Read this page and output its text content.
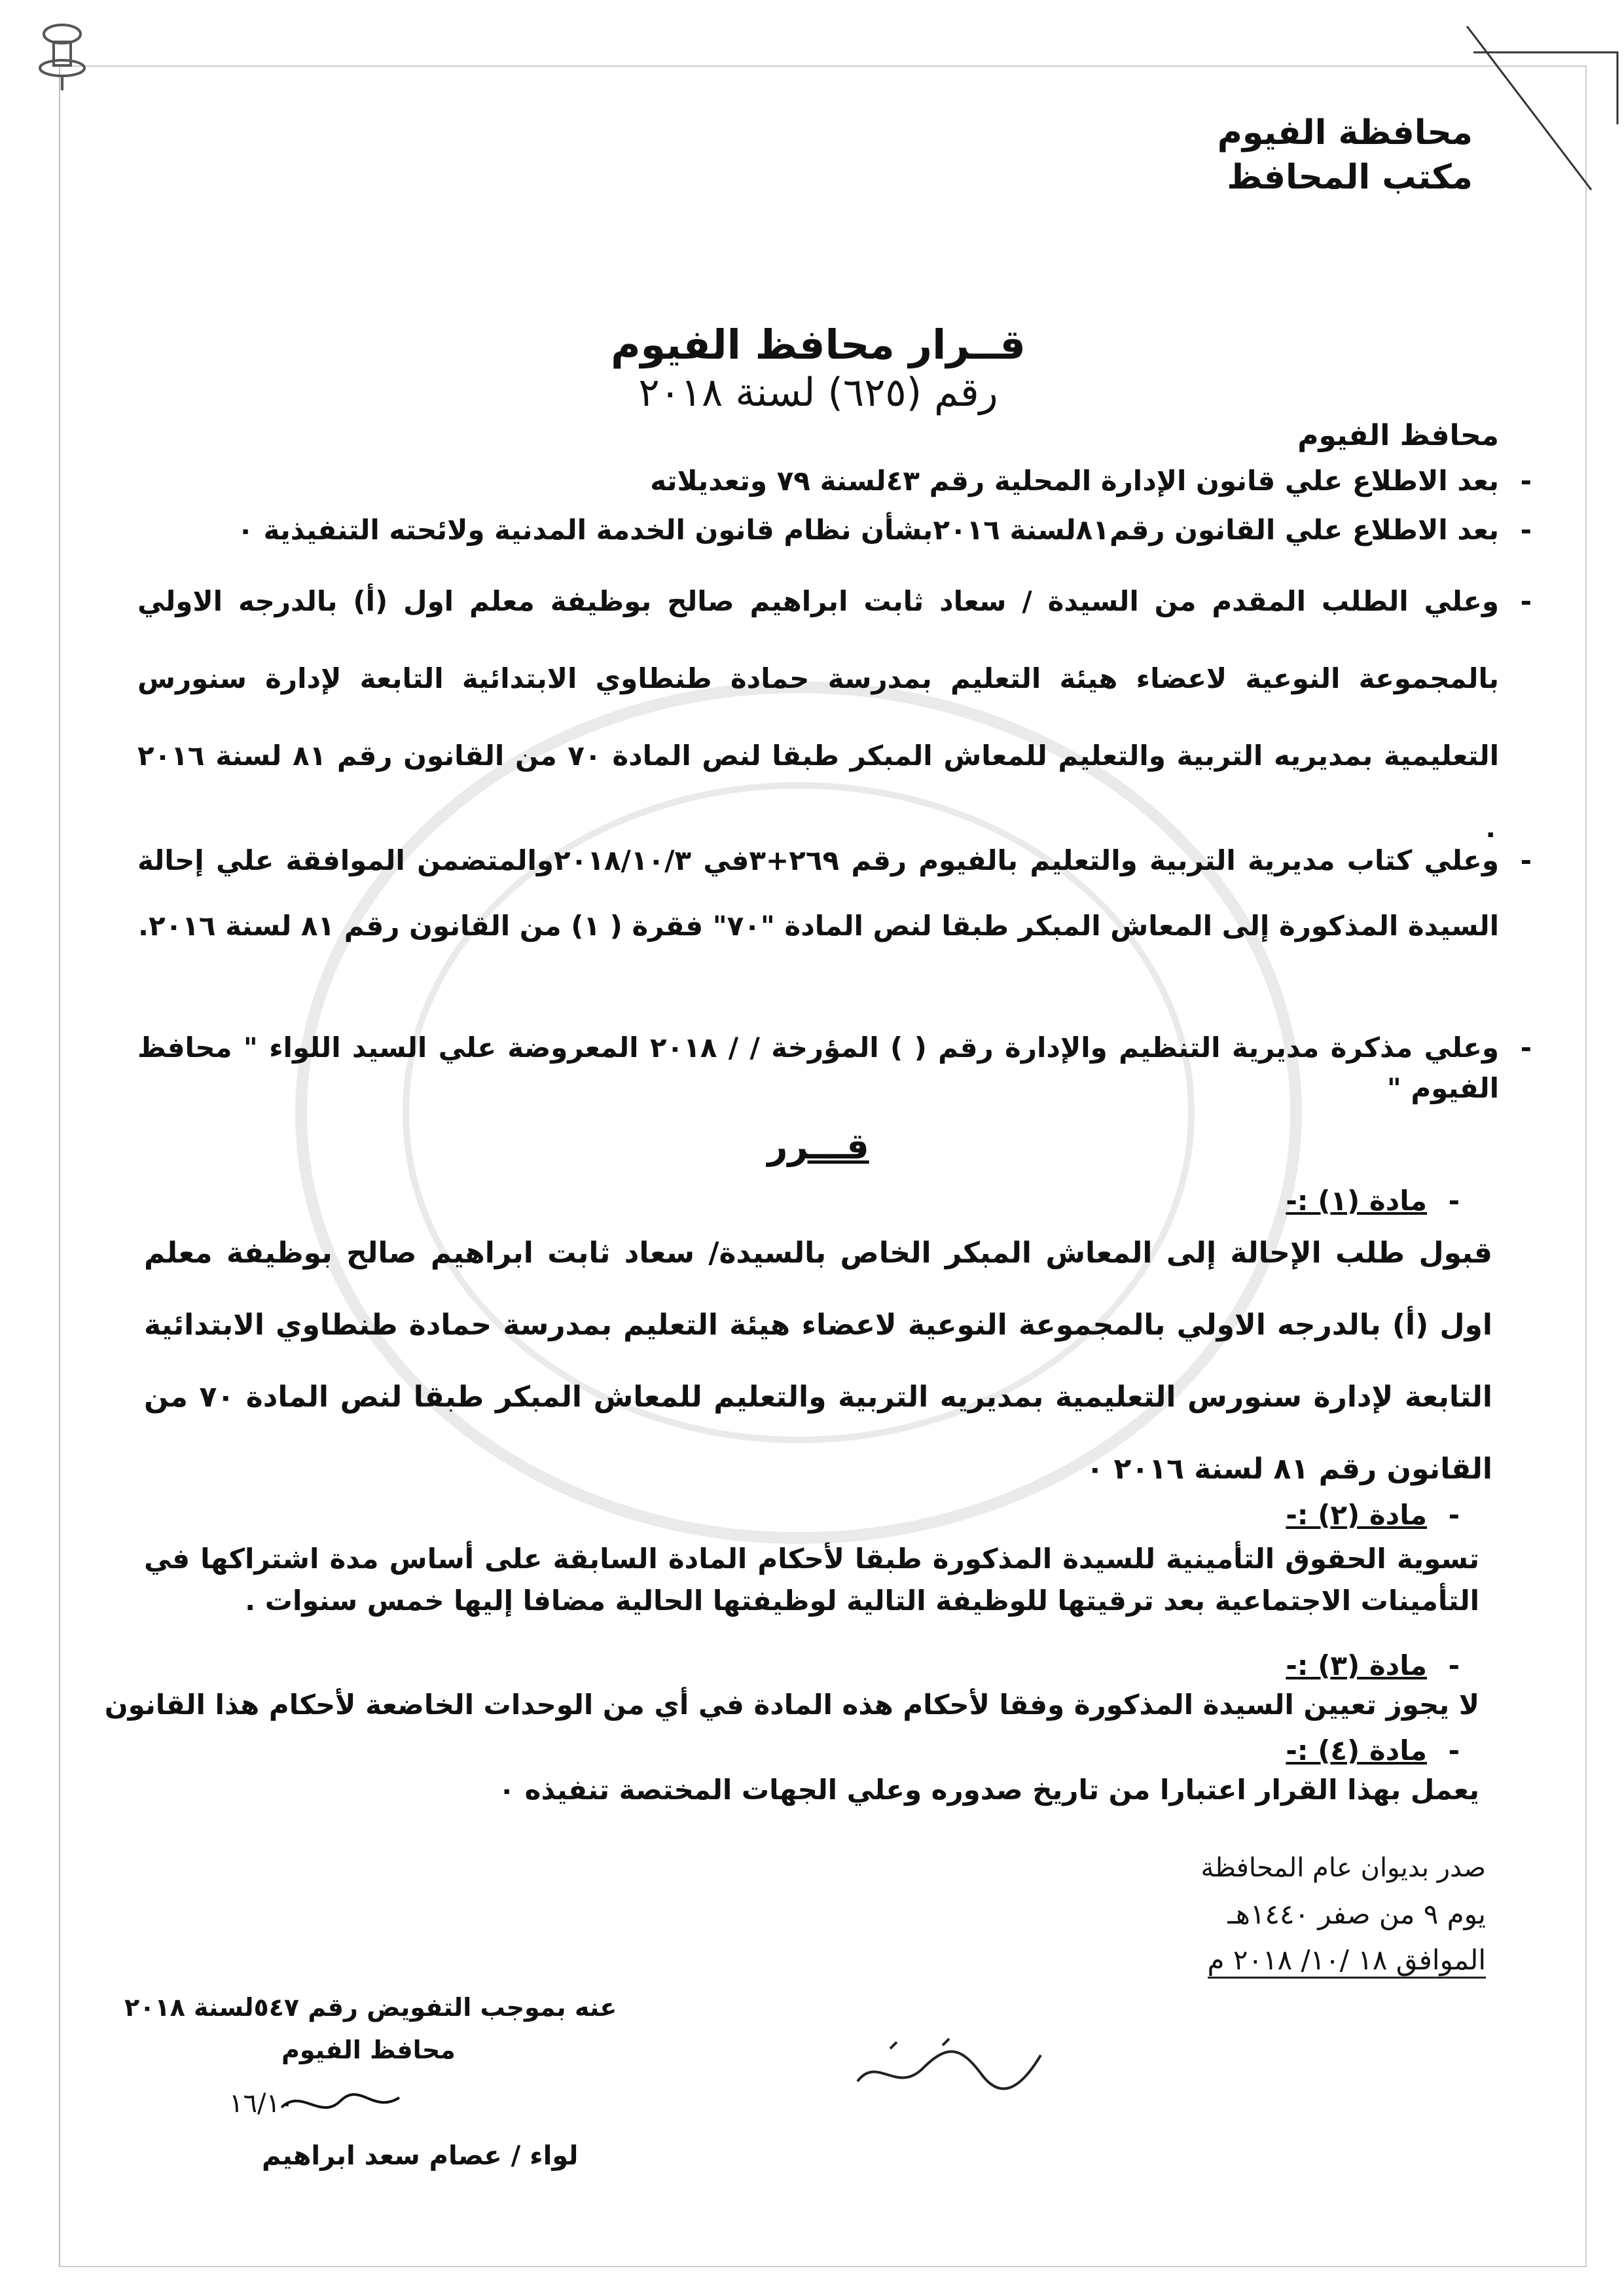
محافظة الفيوم
مكتب المحافظ
قــرار محافظ الفيوم
رقم (٦٢٥) لسنة ٢٠١٨
محافظ الفيوم
- بعد الاطلاع علي قانون الإدارة المحلية رقم ٤٣لسنة ٧٩ وتعديلاته
- بعد الاطلاع علي القانون رقم٨١لسنة ٢٠١٦بشأن نظام قانون الخدمة المدنية ولائحته التنفيذية ٠
- وعلي الطلب المقدم من السيدة / سعاد ثابت ابراهيم صالح بوظيفة معلم اول (أ) بالدرجه الاولي بالمجموعة النوعية لاعضاء هيئة التعليم بمدرسة حمادة طنطاوي الابتدائية التابعة لإدارة سنورس التعليمية بمديريه التربية والتعليم للمعاش المبكر طبقا لنص المادة ٧٠ من القانون رقم ٨١ لسنة ٢٠١٦ ٠
- وعلي كتاب مديرية التربية والتعليم بالفيوم رقم ٢٦٩+٣في ٢٠١٨/١٠/٣والمتضمن الموافقة علي إحالة السيدة المذكورة إلى المعاش المبكر طبقا لنص المادة "٧٠" فقرة ( ١) من القانون رقم ٨١ لسنة ٢٠١٦.
- وعلي مذكرة مديرية التنظيم والإدارة رقم ( ) المؤرخة / / ٢٠١٨ المعروضة علي السيد اللواء " محافظ الفيوم "
قـــرر
- مادة (١) :-
قبول طلب الإحالة إلى المعاش المبكر الخاص بالسيدة/ سعاد ثابت ابراهيم صالح بوظيفة معلم اول (أ) بالدرجه الاولي بالمجموعة النوعية لاعضاء هيئة التعليم بمدرسة حمادة طنطاوي الابتدائية التابعة لإدارة سنورس التعليمية بمديريه التربية والتعليم للمعاش المبكر طبقا لنص المادة ٧٠ من القانون رقم ٨١ لسنة ٢٠١٦ ٠
- مادة (٢) :-
تسوية الحقوق التأمينية للسيدة المذكورة طبقا لأحكام المادة السابقة على أساس مدة اشتراكها في التأمينات الاجتماعية بعد ترقيتها للوظيفة التالية لوظيفتها الحالية مضافا إليها خمس سنوات .
- مادة (٣) :-
لا يجوز تعيين السيدة المذكورة وفقا لأحكام هذه المادة في أي من الوحدات الخاضعة لأحكام هذا القانون
- مادة (٤) :-
يعمل بهذا القرار اعتبارا من تاريخ صدوره وعلي الجهات المختصة تنفيذه ٠
صدر بديوان عام المحافظة
يوم ٩ من صفر ١٤٤٠هـ
الموافق ١٨ /١٠/ ٢٠١٨ م
عنه بموجب التفويض رقم ٥٤٧لسنة ٢٠١٨
محافظ الفيوم
١٦/١٠
لواء / عصام سعد ابراهيم
